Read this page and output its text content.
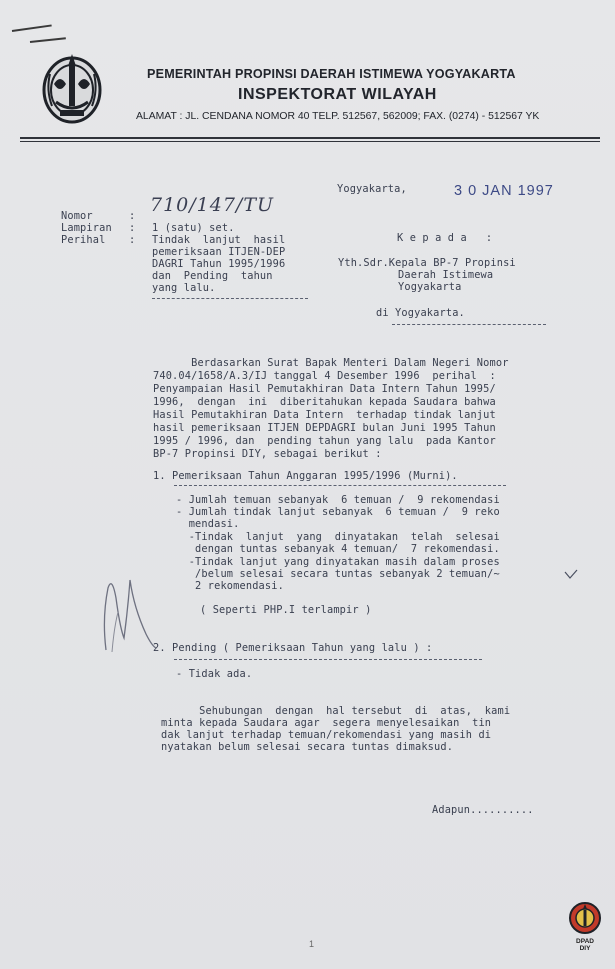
PEMERINTAH PROPINSI DAERAH ISTIMEWA YOGYAKARTA
INSPEKTORAT WILAYAH
ALAMAT : JL. CENDANA NOMOR 40 TELP. 512567, 562009; FAX. (0274) - 512567 YK
Yogyakarta,	3 0 JAN 1997
Nomor	: 710/147/TU
Lampiran : 1 (satu) set.
Perihal : Tindak  lanjut  hasil
pemeriksaan ITJEN-DEP
DAGRI Tahun 1995/1996
dan  Pending  tahun
yang lalu.
K e p a d a   :
Yth.Sdr.Kepala BP-7 Propinsi
Daerah Istimewa
Yogyakarta
di Yogyakarta.
Berdasarkan Surat Bapak Menteri Dalam Negeri Nomor
740.04/1658/A.3/IJ tanggal 4 Desember 1996  perihal  :
Penyampaian Hasil Pemutakhiran Data Intern Tahun 1995/
1996,  dengan  ini  diberitahukan kepada Saudara bahwa
Hasil Pemutakhiran Data Intern  terhadap tindak lanjut
hasil pemeriksaan ITJEN DEPDAGRI bulan Juni 1995 Tahun
1995 / 1996, dan  pending tahun yang lalu  pada Kantor
BP-7 Propinsi DIY, sebagai berikut :
1. Pemeriksaan Tahun Anggaran 1995/1996 (Murni).
- Jumlah temuan sebanyak  6 temuan /  9 rekomendasi
- Jumlah tindak lanjut sebanyak  6 temuan /  9 reko
mendasi.
-Tindak  lanjut  yang  dinyatakan  telah  selesai
dengan tuntas sebanyak 4 temuan/  7 rekomendasi.
-Tindak lanjut yang dinyatakan masih dalam proses
/belum selesai secara tuntas sebanyak 2 temuan/~
2 rekomendasi.
( Seperti PHP.I terlampir )
2. Pending ( Pemeriksaan Tahun yang lalu ) :
- Tidak ada.
Sehubungan  dengan  hal tersebut  di  atas,  kami
minta kepada Saudara agar  segera menyelesaikan  tin
dak lanjut terhadap temuan/rekomendasi yang masih di
nyatakan belum selesai secara tuntas dimaksud.
Adapun..........
1	DPAD DIY
